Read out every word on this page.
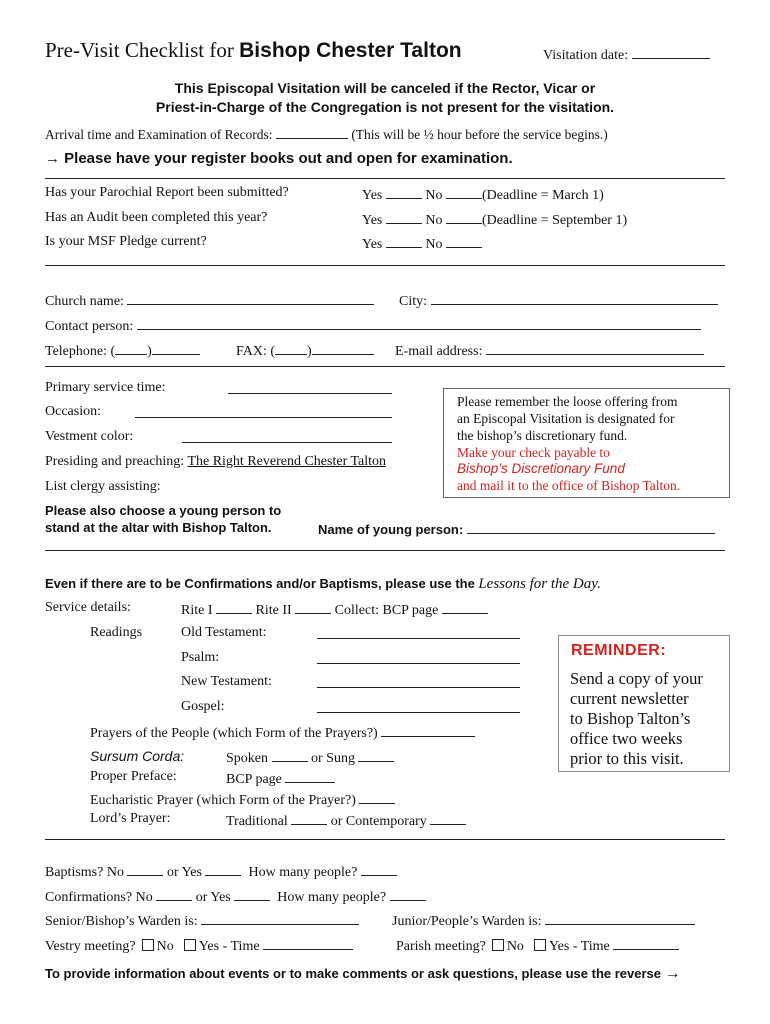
Pre-Visit Checklist for Bishop Chester Talton	Visitation date:
This Episcopal Visitation will be canceled if the Rector, Vicar or
Priest-in-Charge of the Congregation is not present for the visitation.
Arrival time and Examination of Records:	(This will be ½ hour before the service begins.)
→ Please have your register books out and open for examination.
Has your Parochial Report been submitted?	Yes	No	(Deadline = March 1)
Has an Audit been completed this year?	Yes	No	(Deadline = September 1)
Is your MSF Pledge current?	Yes	No
Church name:	City:
Contact person:
Telephone: ( )	FAX: ( )	E-mail address:
Primary service time:
Occasion:
Vestment color:
Presiding and preaching: The Right Reverend Chester Talton
List clergy assisting:
Please remember the loose offering from
an Episcopal Visitation is designated for
the bishop’s discretionary fund.
Make your check payable to
Bishop’s Discretionary Fund
and mail it to the office of Bishop Talton.
Please also choose a young person to
stand at the altar with Bishop Talton.	Name of young person:
Even if there are to be Confirmations and/or Baptisms, please use the Lessons for the Day.
Service details:	Rite I	Rite II	Collect: BCP page
Readings	Old Testament:
Psalm:
New Testament:
Gospel:
Prayers of the People (which Form of the Prayers?)
Sursum Corda:	Spoken	or Sung
Proper Preface:	BCP page
Eucharistic Prayer (which Form of the Prayer?)
Lord’s Prayer:	Traditional	or Contemporary
REMINDER:
Send a copy of your
current newsletter
to Bishop Talton’s
office two weeks
prior to this visit.
Baptisms? No	or Yes	How many people?
Confirmations? No	or Yes	How many people?
Senior/Bishop’s Warden is:	Junior/People’s Warden is:
Vestry meeting? No Yes - Time	Parish meeting? No Yes - Time
To provide information about events or to make comments or ask questions, please use the reverse →
